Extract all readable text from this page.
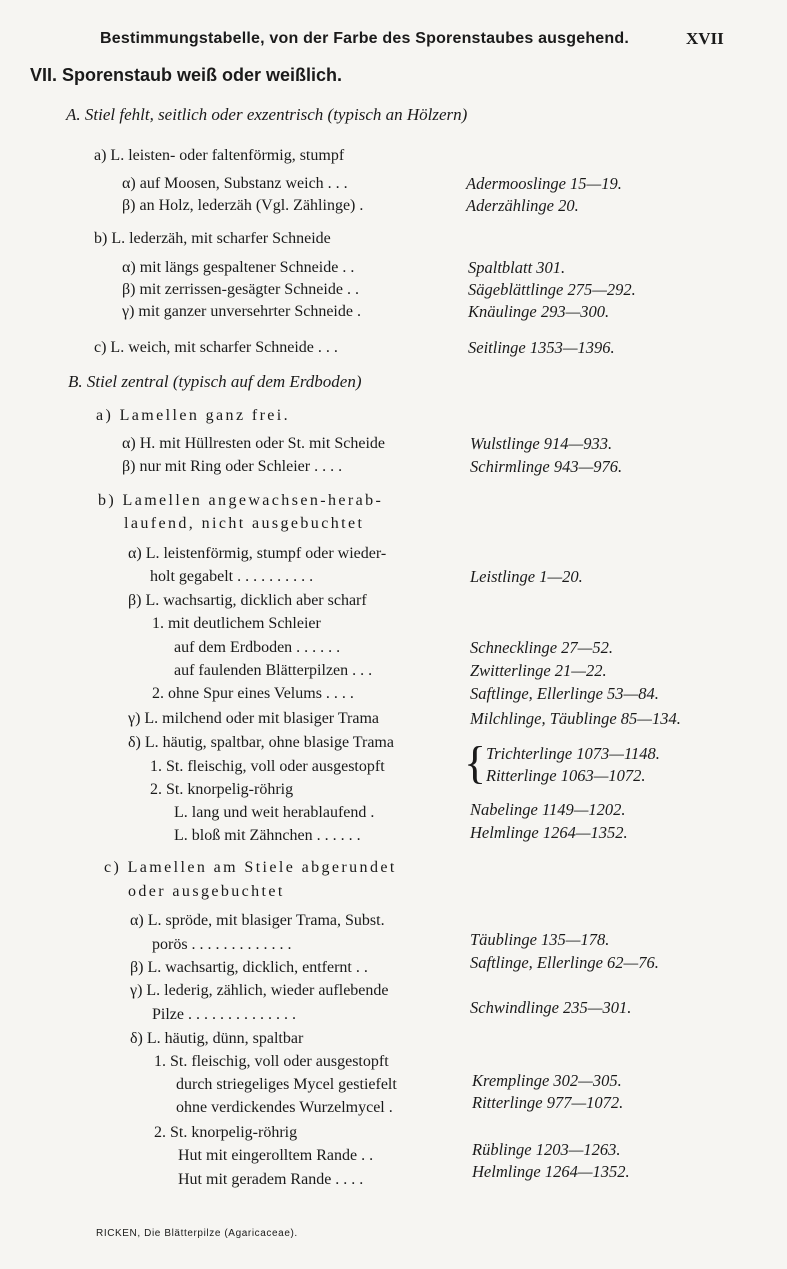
Bestimmungstabelle, von der Farbe des Sporenstaubes ausgehend.	XVII
VII. Sporenstaub weiß oder weißlich.
A. Stiel fehlt, seitlich oder exzentrisch (typisch an Hölzern)
a) L. leisten- oder faltenförmig, stumpf
α) auf Moosen, Substanz weich . . .	Adermooslinge 15—19.
β) an Holz, lederzäh (Vgl. Zählinge) .	Aderzählinge 20.
b) L. lederzäh, mit scharfer Schneide
α) mit längs gespaltener Schneide . .	Spaltblatt 301.
β) mit zerrissen-gesägter Schneide . .	Sägeblättlinge 275—292.
γ) mit ganzer unversehrter Schneide .	Knäulinge 293—300.
c) L. weich, mit scharfer Schneide . . .	Seitlinge 1353—1396.
B. Stiel zentral (typisch auf dem Erdboden)
a) Lamellen ganz frei.
α) H. mit Hüllresten oder St. mit Scheide	Wulstlinge 914—933.
β) nur mit Ring oder Schleier . . . .	Schirmlinge 943—976.
b) Lamellen angewachsen-herab-
laufend, nicht ausgebuchtet
α) L. leistenförmig, stumpf oder wieder-
holt gegabelt . . . . . . . . . .	Leistlinge 1—20.
β) L. wachsartig, dicklich aber scharf
1. mit deutlichem Schleier
auf dem Erdboden . . . . . .	Schnecklinge 27—52.
auf faulenden Blätterpilzen . . .	Zwitterlinge 21—22.
2. ohne Spur eines Velums . . . .	Saftlinge, Ellerlinge 53—84.
γ) L. milchend oder mit blasiger Trama	Milchlinge, Täublinge 85—134.
δ) L. häutig, spaltbar, ohne blasige Trama
1. St. fleischig, voll oder ausgestopft { Trichterlinge 1073—1148.
Ritterlinge 1063—1072.
2. St. knorpelig-röhrig
L. lang und weit herablaufend .	Nabelinge 1149—1202.
L. bloß mit Zähnchen . . . . . .	Helmlinge 1264—1352.
c) Lamellen am Stiele abgerundet
oder ausgebuchtet
α) L. spröde, mit blasiger Trama, Subst.
porös . . . . . . . . . . . . .	Täublinge 135—178.
β) L. wachsartig, dicklich, entfernt . .	Saftlinge, Ellerlinge 62—76.
γ) L. lederig, zählich, wieder auflebende
Pilze . . . . . . . . . . . . . .	Schwindlinge 235—301.
δ) L. häutig, dünn, spaltbar
1. St. fleischig, voll oder ausgestopft
durch striegeliges Mycel gestiefelt	Kremplinge 302—305.
ohne verdickendes Wurzelmycel .	Ritterlinge 977—1072.
2. St. knorpelig-röhrig
Hut mit eingerolltem Rande . .	Rüblinge 1203—1263.
Hut mit geradem Rande . . . .	Helmlinge 1264—1352.
RICKEN, Die Blätterpilze (Agaricaceae).
